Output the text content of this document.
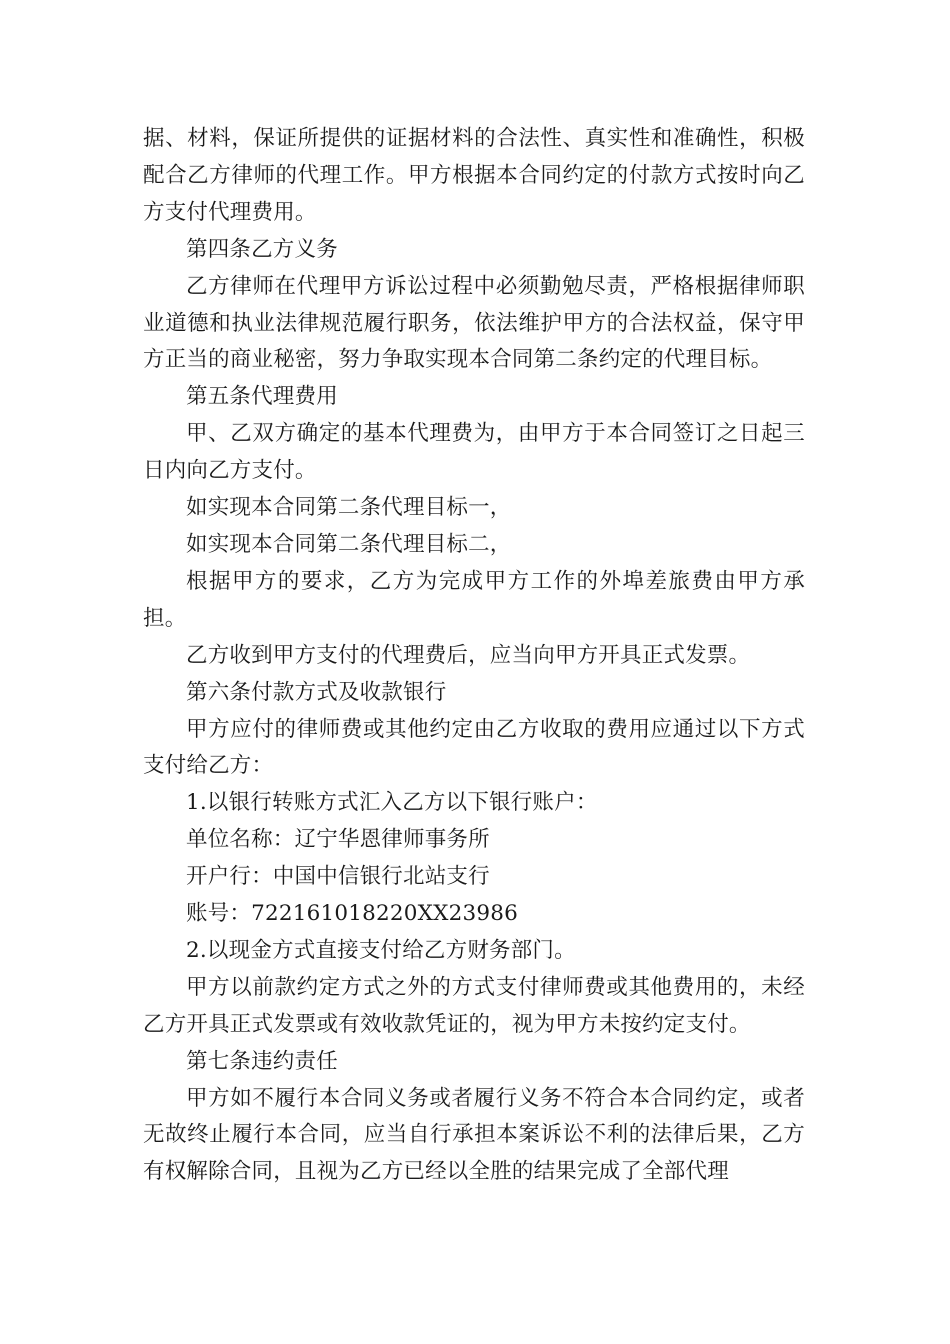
据、材料，保证所提供的证据材料的合法性、真实性和准确性，积极配合乙方律师的代理工作。甲方根据本合同约定的付款方式按时向乙方支付代理费用。

第四条乙方义务

乙方律师在代理甲方诉讼过程中必须勤勉尽责，严格根据律师职业道德和执业法律规范履行职务，依法维护甲方的合法权益，保守甲方正当的商业秘密，努力争取实现本合同第二条约定的代理目标。

第五条代理费用

甲、乙双方确定的基本代理费为，由甲方于本合同签订之日起三日内向乙方支付。

如实现本合同第二条代理目标一，

如实现本合同第二条代理目标二，

根据甲方的要求，乙方为完成甲方工作的外埠差旅费由甲方承担。

乙方收到甲方支付的代理费后，应当向甲方开具正式发票。

第六条付款方式及收款银行

甲方应付的律师费或其他约定由乙方收取的费用应通过以下方式支付给乙方：

1.以银行转账方式汇入乙方以下银行账户：

单位名称：辽宁华恩律师事务所

开户行：中国中信银行北站支行

账号：722161018220XX23986

2.以现金方式直接支付给乙方财务部门。

甲方以前款约定方式之外的方式支付律师费或其他费用的，未经乙方开具正式发票或有效收款凭证的，视为甲方未按约定支付。

第七条违约责任

甲方如不履行本合同义务或者履行义务不符合本合同约定，或者无故终止履行本合同，应当自行承担本案诉讼不利的法律后果，乙方有权解除合同，且视为乙方已经以全胜的结果完成了全部代理
